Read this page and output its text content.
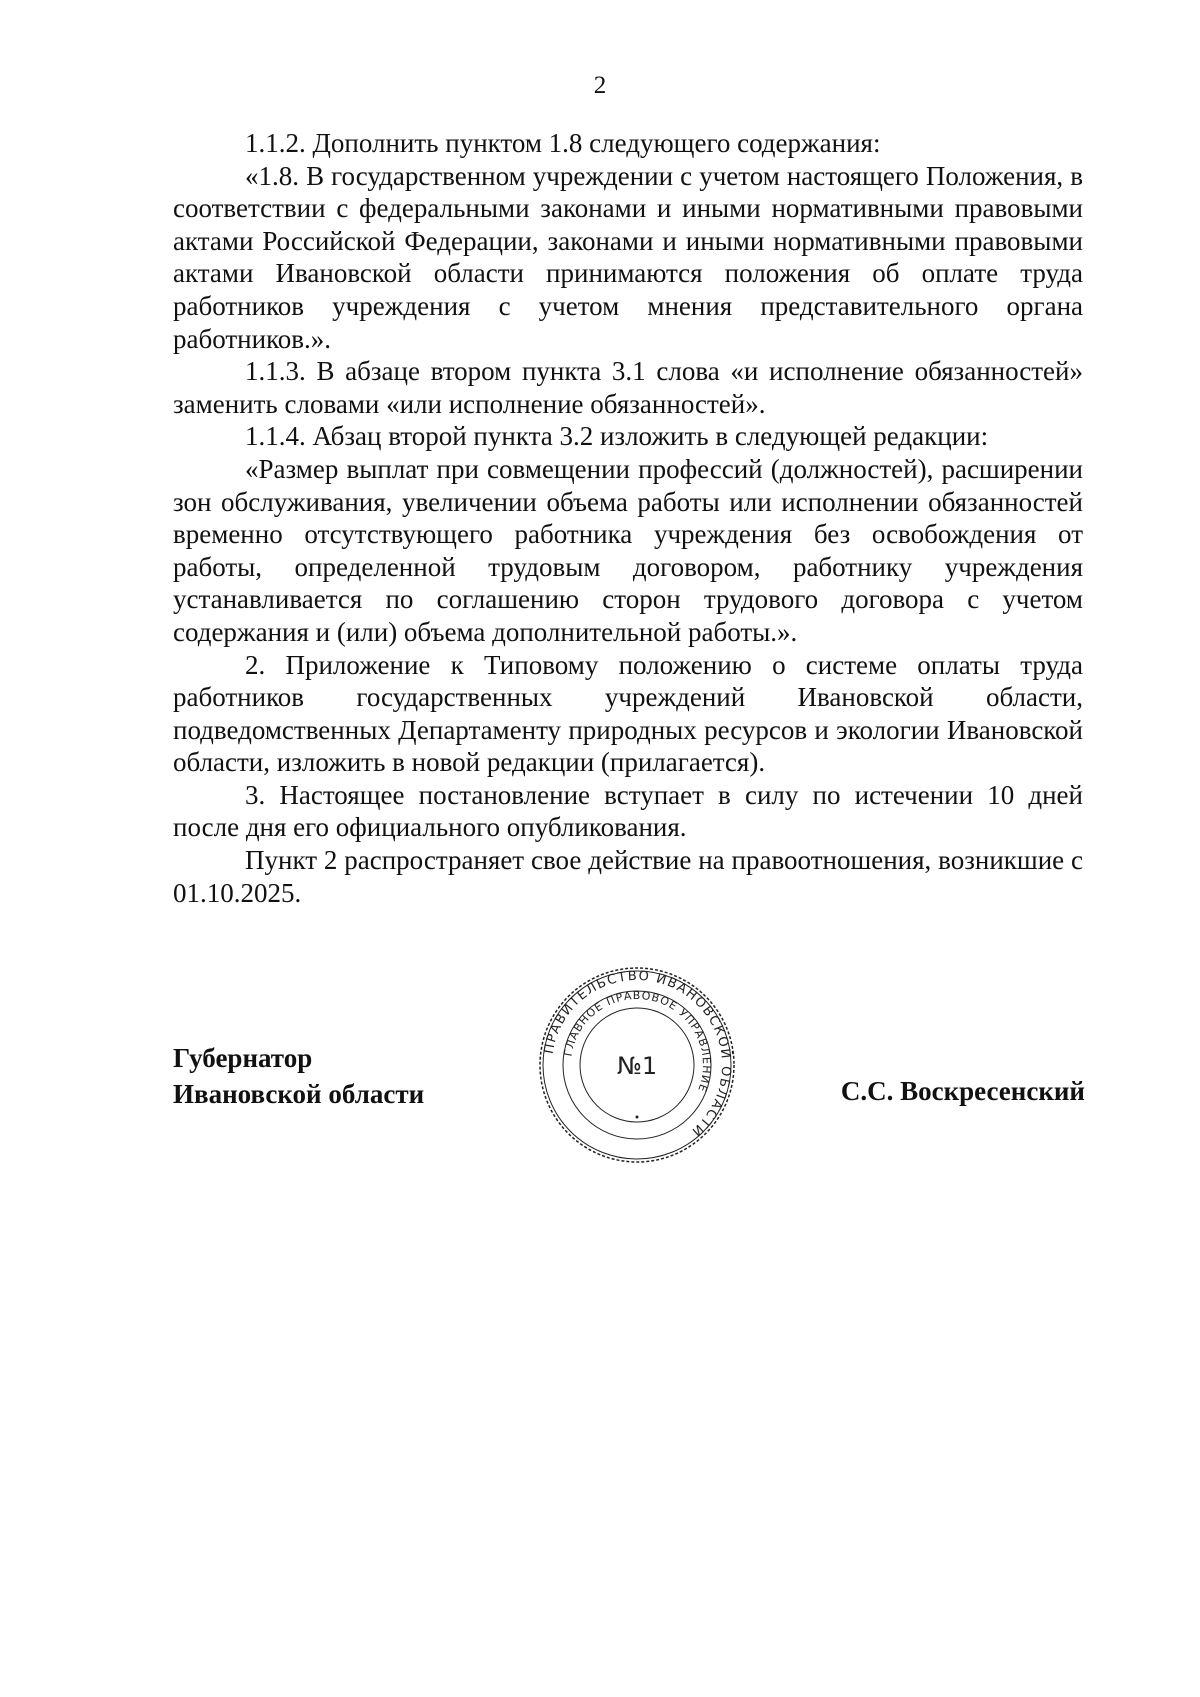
2

1.1.2. Дополнить пунктом 1.8 следующего содержания:

«1.8. В государственном учреждении с учетом настоящего Положения, в соответствии с федеральными законами и иными нормативными правовыми актами Российской Федерации, законами и иными нормативными правовыми актами Ивановской области принимаются положения об оплате труда работников учреждения с учетом мнения представительного органа работников.».

1.1.3. В абзаце втором пункта 3.1 слова «и исполнение обязанностей» заменить словами «или исполнение обязанностей».

1.1.4. Абзац второй пункта 3.2 изложить в следующей редакции:

«Размер выплат при совмещении профессий (должностей), расширении зон обслуживания, увеличении объема работы или исполнении обязанностей временно отсутствующего работника учреждения без освобождения от работы, определенной трудовым договором, работнику учреждения устанавливается по соглашению сторон трудового договора с учетом содержания и (или) объема дополнительной работы.».

2. Приложение к Типовому положению о системе оплаты труда работников государственных учреждений Ивановской области, подведомственных Департаменту природных ресурсов и экологии Ивановской области, изложить в новой редакции (прилагается).

3. Настоящее постановление вступает в силу по истечении 10 дней после дня его официального опубликования.

Пункт 2 распространяет свое действие на правоотношения, возникшие с 01.10.2025.

Губернатор
Ивановской области
ПРАВИТЕЛЬСТВО ИВАНОВСКОЙ ОБЛАСТИ
ГЛАВНОЕ ПРАВОВОЕ УПРАВЛЕНИЕ
№1
С.С. Воскресенский
